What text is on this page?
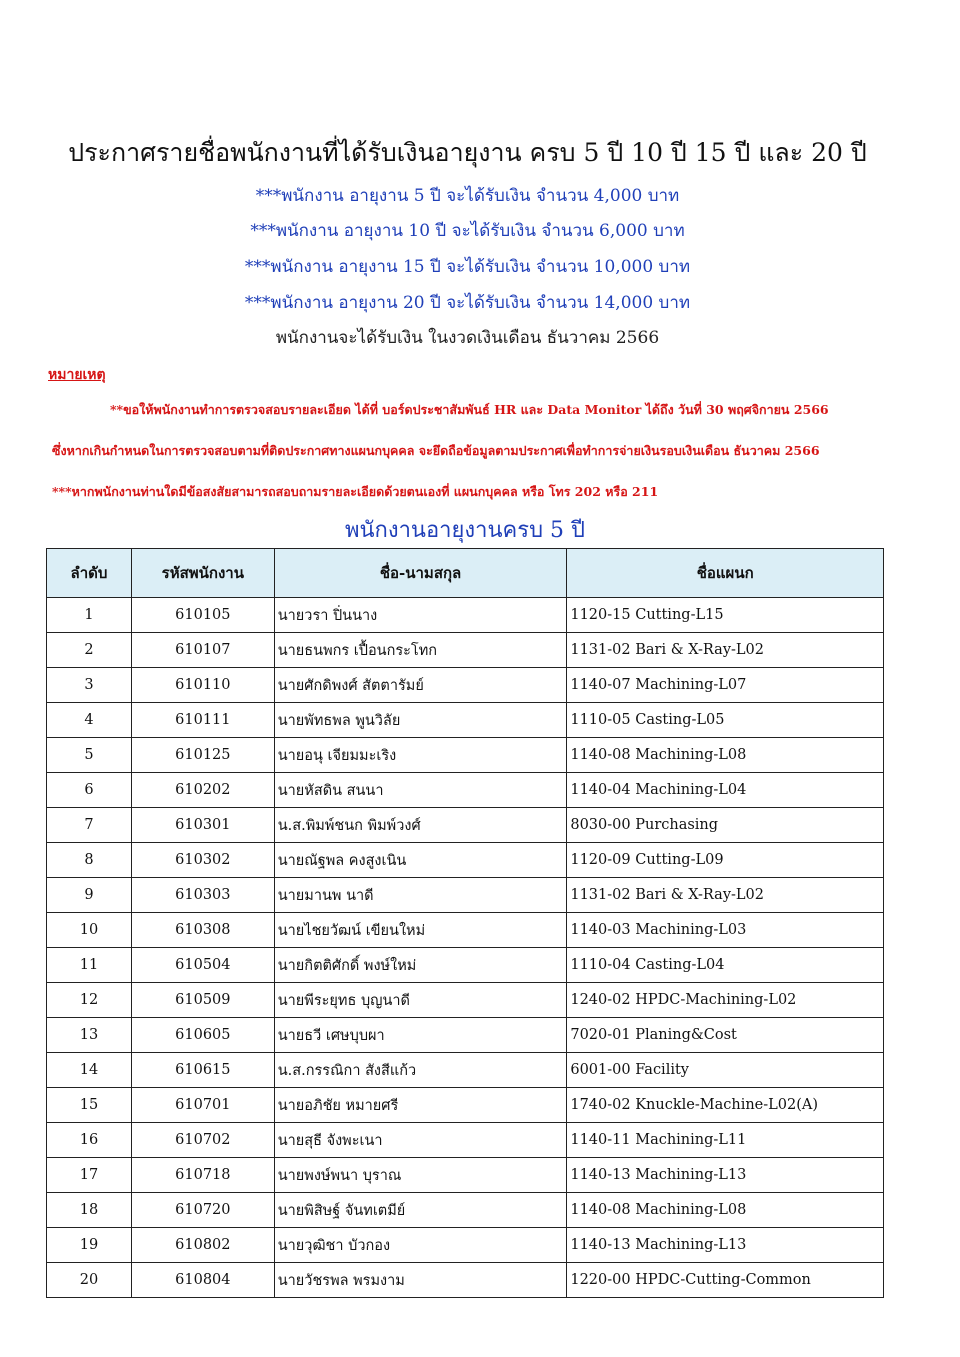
ประกาศรายชื่อพนักงานที่ได้รับเงินอายุงาน ครบ 5 ปี 10 ปี 15 ปี และ 20 ปี
***พนักงาน อายุงาน 5 ปี จะได้รับเงิน จำนวน 4,000 บาท
***พนักงาน อายุงาน 10 ปี จะได้รับเงิน จำนวน 6,000 บาท
***พนักงาน อายุงาน 15 ปี จะได้รับเงิน จำนวน 10,000 บาท
***พนักงาน อายุงาน 20 ปี จะได้รับเงิน จำนวน 14,000 บาท
พนักงานจะได้รับเงิน ในงวดเงินเดือน ธันวาคม 2566
หมายเหตุ
**ขอให้พนักงานทำการตรวจสอบรายละเอียด ได้ที่ บอร์ดประชาสัมพันธ์ HR และ Data Monitor ได้ถึง วันที่ 30 พฤศจิกายน 2566
ซึ่งหากเกินกำหนดในการตรวจสอบตามที่ติดประกาศทางแผนกบุคคล จะยึดถือข้อมูลตามประกาศเพื่อทำการจ่ายเงินรอบเงินเดือน ธันวาคม 2566
***หากพนักงานท่านใดมีข้อสงสัยสามารถสอบถามรายละเอียดด้วยตนเองที่ แผนกบุคคล หรือ โทร 202 หรือ 211
พนักงานอายุงานครบ 5 ปี
ลำดับ	รหัสพนักงาน	ชื่อ-นามสกุล	ชื่อแผนก
1	610105	นายวรา ปิ่นนาง	1120-15 Cutting-L15
2	610107	นายธนพกร เปื้อนกระโทก	1131-02 Bari & X-Ray-L02
3	610110	นายศักดิพงศ์ สัตตารัมย์	1140-07 Machining-L07
4	610111	นายพัทธพล พูนวิลัย	1110-05 Casting-L05
5	610125	นายอนุ เจียมมะเริง	1140-08 Machining-L08
6	610202	นายหัสดิน สนนา	1140-04 Machining-L04
7	610301	น.ส.พิมพ์ชนก พิมพ์วงศ์	8030-00 Purchasing
8	610302	นายณัฐพล คงสูงเนิน	1120-09 Cutting-L09
9	610303	นายมานพ นาดี	1131-02 Bari & X-Ray-L02
10	610308	นายไชยวัฒน์ เขียนใหม่	1140-03 Machining-L03
11	610504	นายกิตติศักดิ์ พงษ์ใหม่	1110-04 Casting-L04
12	610509	นายพีระยุทธ บุญนาดี	1240-02 HPDC-Machining-L02
13	610605	นายธวี เศษบุบผา	7020-01 Planing&Cost
14	610615	น.ส.กรรณิกา สังสีแก้ว	6001-00 Facility
15	610701	นายอภิชัย หมายศรี	1740-02 Knuckle-Machine-L02(A)
16	610702	นายสุธี จังพะเนา	1140-11 Machining-L11
17	610718	นายพงษ์พนา บุราณ	1140-13 Machining-L13
18	610720	นายพิสิษฐ์ จันทเตมีย์	1140-08 Machining-L08
19	610802	นายวุฒิชา บัวกอง	1140-13 Machining-L13
20	610804	นายวัชรพล พรมงาม	1220-00 HPDC-Cutting-Common
